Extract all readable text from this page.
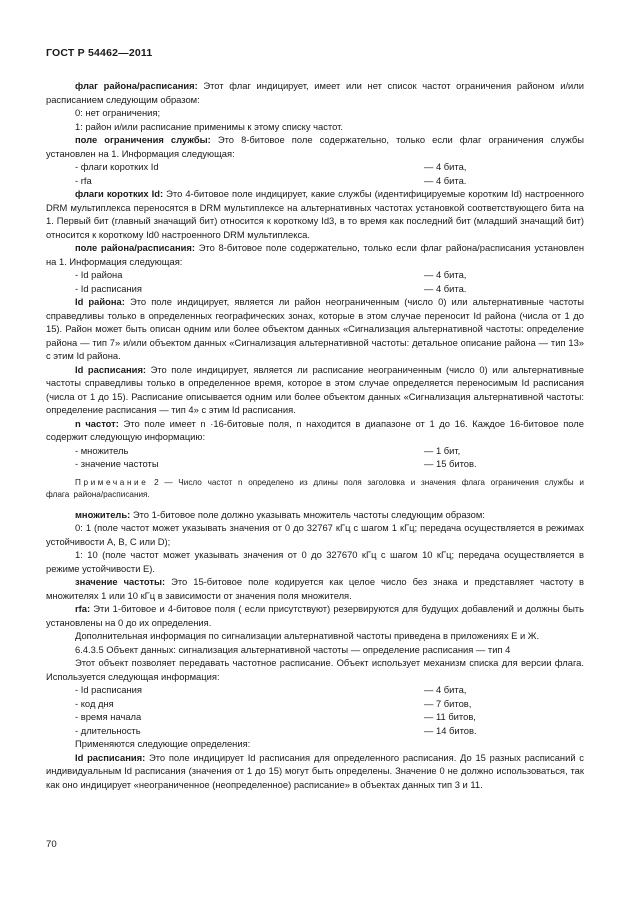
ГОСТ Р 54462—2011

флаг района/расписания: Этот флаг индицирует, имеет или нет список частот ограничения районом и/или расписанием следующим образом:

0: нет ограничения;

1: район и/или расписание применимы к этому списку частот.

поле ограничения службы: Это 8-битовое поле содержательно, только если флаг ограничения службы установлен на 1. Информация следующая:

- флаги коротких Id	— 4 бита,
- rfa	— 4 бита.

флаги коротких Id: Это 4-битовое поле индицирует, какие службы (идентифицируемые коротким Id) настроенного DRM мультиплекса переносятся в DRM мультиплексе на альтернативных частотах установкой соответствующего бита на 1. Первый бит (главный значащий бит) относится к короткому Id3, в то время как последний бит (младший значащий бит) относится к короткому Id0 настроенного DRM мультиплекса.

поле района/расписания: Это 8-битовое поле содержательно, только если флаг района/расписания установлен на 1. Информация следующая:

- Id района	— 4 бита,
- Id расписания	— 4 бита.

Id района: Это поле индицирует, является ли район неограниченным (число 0) или альтернативные частоты справедливы только в определенных географических зонах, которые в этом случае переносит Id района (числа от 1 до 15). Район может быть описан одним или более объектом данных «Сигнализация альтернативной частоты: определение района — тип 7» и/или объектом данных «Сигнализация альтернативной частоты: детальное описание района — тип 13» с этим Id района.

Id расписания: Это поле индицирует, является ли расписание неограниченным (число 0) или альтернативные частоты справедливы только в определенное время, которое в этом случае определяется переносимым Id расписания (числа от 1 до 15). Расписание описывается одним или более объектом данных «Сигнализация альтернативной частоты: определение расписания — тип 4» с этим Id расписания.

n частот: Это поле имеет n ·16-битовые поля, n находится в диапазоне от 1 до 16. Каждое 16-битовое поле содержит следующую информацию:

- множитель	— 1 бит,
- значение частоты	— 15 битов.

Примечание 2 — Число частот n определено из длины поля заголовка и значения флага ограничения службы и флага района/расписания.

множитель: Это 1-битовое поле должно указывать множитель частоты следующим образом:

0: 1 (поле частот может указывать значения от 0 до 32767 кГц с шагом 1 кГц; передача осуществляется в режимах устойчивости А, B, С или D);

1: 10 (поле частот может указывать значения от 0 до 327670 кГц с шагом 10 кГц; передача осуществляется в режиме устойчивости Е).

значение частоты: Это 15-битовое поле кодируется как целое число без знака и представляет частоту в множителях 1 или 10 кГц в зависимости от значения поля множителя.

rfa: Эти 1-битовое и 4-битовое поля ( если присутствуют) резервируются для будущих добавлений и должны быть установлены на 0 до их определения.

Дополнительная информация по сигнализации альтернативной частоты приведена в приложениях Е и Ж.

6.4.3.5 Объект данных: сигнализация альтернативной частоты — определение расписания — тип 4

Этот объект позволяет передавать частотное расписание. Объект использует механизм списка для версии флага. Используется следующая информация:

- Id расписания	— 4 бита,
- код дня	— 7 битов,
- время начала	— 11 битов,
- длительность	— 14 битов.

Применяются следующие определения:

Id расписания: Это поле индицирует Id расписания для определенного расписания. До 15 разных расписаний с индивидуальным Id расписания (значения от 1 до 15) могут быть определены. Значение 0 не должно использоваться, так как оно индицирует «неограниченное (неопределенное) расписание» в объектах данных тип 3 и 11.

70
